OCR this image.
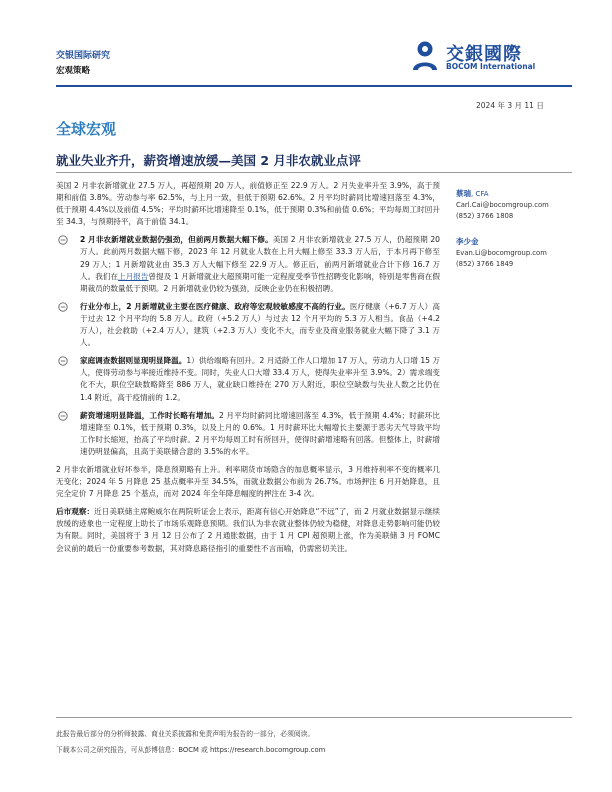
交银国际研究
宏观策略
交銀國際
BOCOM International
2024 年 3 月 11 日
全球宏观
就业失业齐升，薪资增速放缓—美国 2 月非农就业点评

美国 2 月非农新增就业 27.5 万人，再超预期 20 万人，前值修正至 22.9 万人。2 月失业率升至 3.9%，高于预期和前值 3.8%。劳动参与率 62.5%，与上月一致，但低于预期 62.6%。2 月平均时薪同比增速回落至 4.3%，低于预期 4.4%以及前值 4.5%；平均时薪环比增速降至 0.1%，低于预期 0.3%和前值 0.6%；平均每周工时回升至 34.3，与预期持平，高于前值 34.1。

2 月非农新增就业数据仍强劲，但前两月数据大幅下修。美国 2 月非农新增就业 27.5 万人，仍超预期 20 万人。此前两月数据大幅下修，2023 年 12 月就业人数在上月大幅上修至 33.3 万人后，于本月再下修至 29 万人；1 月新增就业由 35.3 万人大幅下修至 22.9 万人。修正后，前两月新增就业合计下修 16.7 万人。我们在上月报告曾提及 1 月新增就业大超预期可能一定程度受季节性招聘变化影响，特别是零售商在假期裁员的数量低于预期。2 月新增就业仍较为强劲，反映企业仍在积极招聘。
行业分布上，2 月新增就业主要在医疗健康、政府等宏观较敏感度不高的行业。医疗健康（+6.7 万人）高于过去 12 个月平均的 5.8 万人。政府（+5.2 万人）与过去 12 个月平均的 5.3 万人相当。食品（+4.2 万人），社会救助（+2.4 万人），建筑（+2.3 万人）变化不大，而专业及商业服务就业大幅下降了 3.1 万人。
家庭调查数据则显现明显降温。1）供给端略有回升。2 月适龄工作人口增加 17 万人，劳动力人口增 15 万人，使得劳动参与率接近维持不变。同时，失业人口大增 33.4 万人，使得失业率升至 3.9%。2）需求端变化不大，职位空缺数略降至 886 万人，就业缺口维持在 270 万人附近，职位空缺数与失业人数之比仍在 1.4 附近，高于疫情前的 1.2。
薪资增速明显降温，工作时长略有增加。2 月平均时薪同比增速回落至 4.3%，低于预期 4.4%；时薪环比增速降至 0.1%，低于预期 0.3%，以及上月的 0.6%。1 月时薪环比大幅增长主要源于恶劣天气导致平均工作时长缩短，抬高了平均时薪。2 月平均每周工时有所回升，使得时薪增速略有回落。但整体上，时薪增速仍明显偏高，且高于美联储合意的 3.5%的水平。

2 月非农新增就业好坏参半，降息预期略有上升。利率期货市场隐含的加息概率显示，3 月维持利率不变的概率几无变化；2024 年 5 月降息 25 基点概率升至 34.5%，而就业数据公布前为 26.7%。市场押注 6 月开始降息，且完全定价 7 月降息 25 个基点，而对 2024 年全年降息幅度的押注在 3-4 次。

后市观察：近日美联储主席鲍威尔在两院听证会上表示，距离有信心开始降息“不远”了，而 2 月就业数据显示继续放缓的迹象也一定程度上助长了市场乐观降息预期。我们认为非农就业整体仍较为稳健，对降息走势影响可能仍较为有限。同时，美国将于 3 月 12 日公布了 2 月通胀数据，由于 1 月 CPI 超预期上涨，作为美联储 3 月 FOMC 会议前的最后一份重要参考数据，其对降息路径指引的重要性不言而喻，仍需密切关注。

蔡瑞, CFA
Carl.Cai@bocomgroup.com
(852) 3766 1808
李少金
Evan.Li@bocomgroup.com
(852) 3766 1849
此报告最后部分的分析师披露、商业关系披露和免责声明为报告的一部分，必须阅读。
下载本公司之研究报告，可从彭博信息：BOCM 或 https://research.bocomgroup.com
